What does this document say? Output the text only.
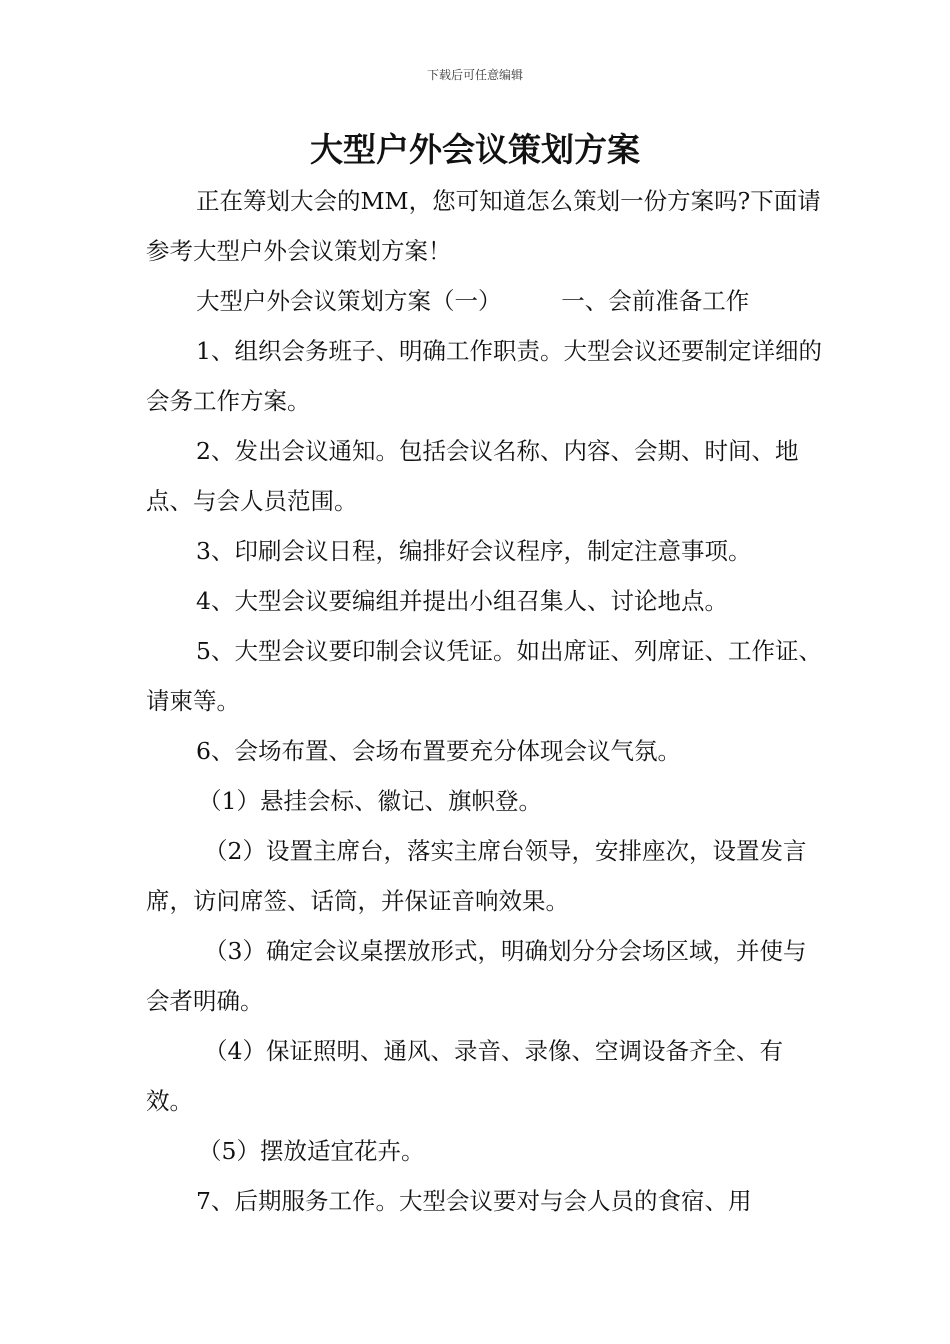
下载后可任意编辑
大型户外会议策划方案

正在筹划大会的MM，您可知道怎么策划一份方案吗?下面请参考大型户外会议策划方案！

大型户外会议策划方案（一）        一、会前准备工作

1、组织会务班子、明确工作职责。大型会议还要制定详细的会务工作方案。

2、发出会议通知。包括会议名称、内容、会期、时间、地点、与会人员范围。

3、印刷会议日程，编排好会议程序，制定注意事项。

4、大型会议要编组并提出小组召集人、讨论地点。

5、大型会议要印制会议凭证。如出席证、列席证、工作证、请柬等。

6、会场布置、会场布置要充分体现会议气氛。

（1）悬挂会标、徽记、旗帜登。

（2）设置主席台，落实主席台领导，安排座次，设置发言席，访问席签、话筒，并保证音响效果。

（3）确定会议桌摆放形式，明确划分分会场区域，并使与会者明确。

（4）保证照明、通风、录音、录像、空调设备齐全、有效。

（5）摆放适宜花卉。

7、后期服务工作。大型会议要对与会人员的食宿、用
